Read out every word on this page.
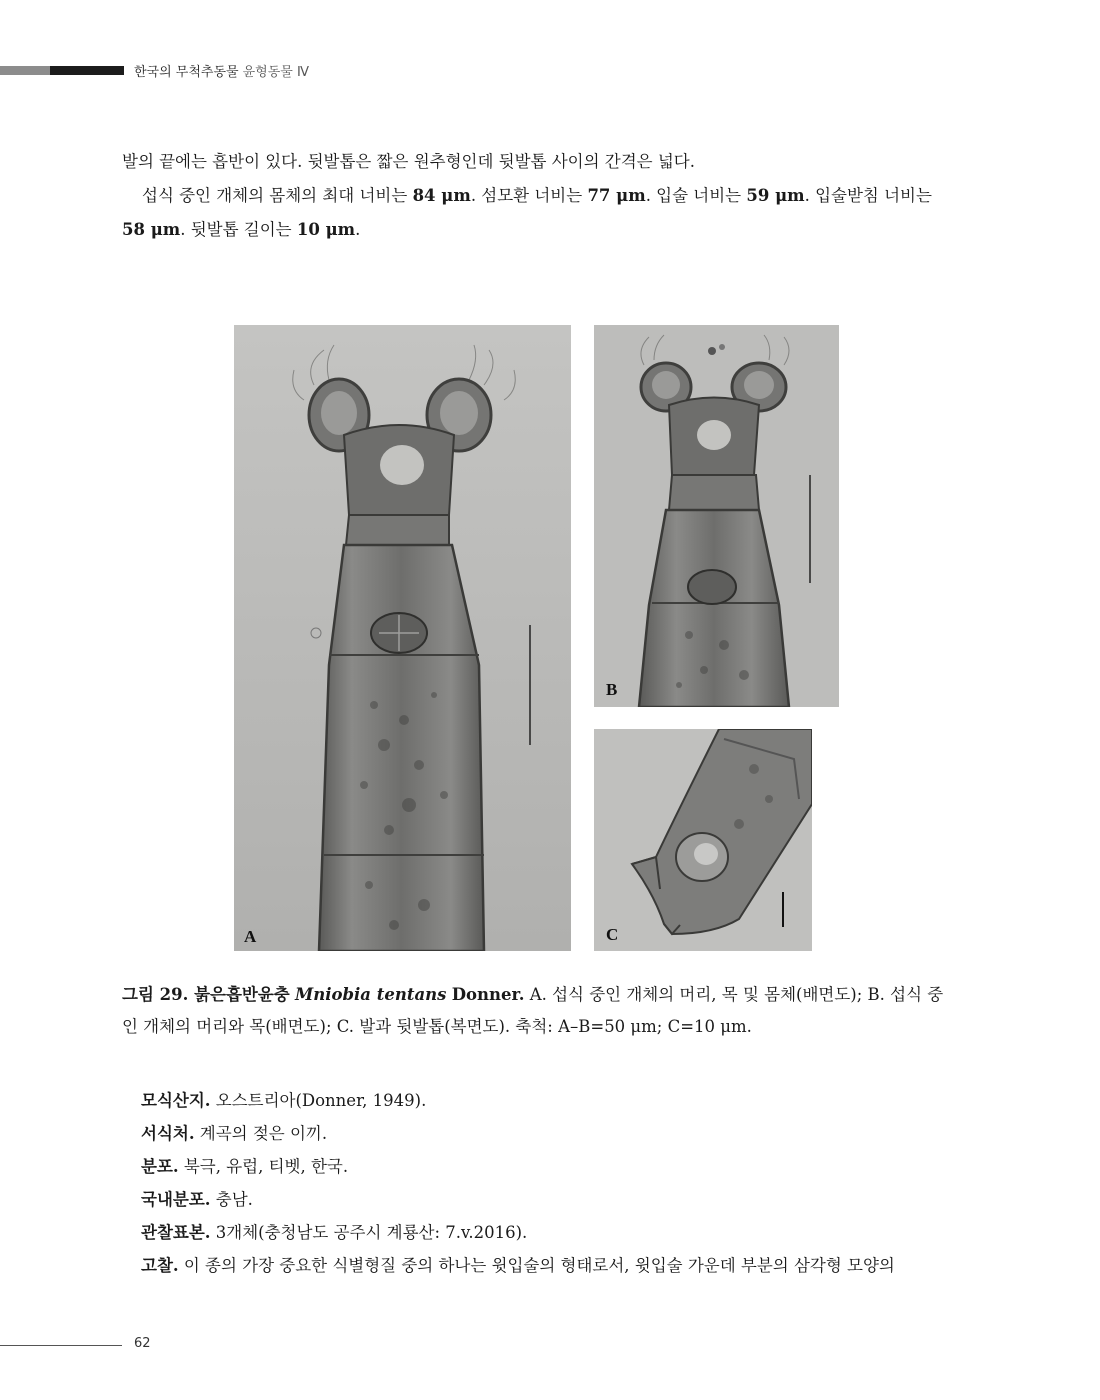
한국의 무척추동물 윤형동물 Ⅳ

발의 끝에는 흡반이 있다. 뒷발톱은 짧은 원추형인데 뒷발톱 사이의 간격은 넓다.

섭식 중인 개체의 몸체의 최대 너비는 84 μm. 섬모환 너비는 77 μm. 입술 너비는 59 μm. 입술받침 너비는 58 μm. 뒷발톱 길이는 10 μm.

A
B
C

그림 29. 붉은흡반윤충 Mniobia tentans Donner. A. 섭식 중인 개체의 머리, 목 및 몸체(배면도); B. 섭식 중인 개체의 머리와 목(배면도); C. 발과 뒷발톱(복면도). 축척: A–B=50 μm; C=10 μm.

모식산지. 오스트리아(Donner, 1949).
서식처. 계곡의 젖은 이끼.
분포. 북극, 유럽, 티벳, 한국.
국내분포. 충남.
관찰표본. 3개체(충청남도 공주시 계룡산: 7.v.2016).
고찰. 이 종의 가장 중요한 식별형질 중의 하나는 윗입술의 형태로서, 윗입술 가운데 부분의 삼각형 모양의
62
